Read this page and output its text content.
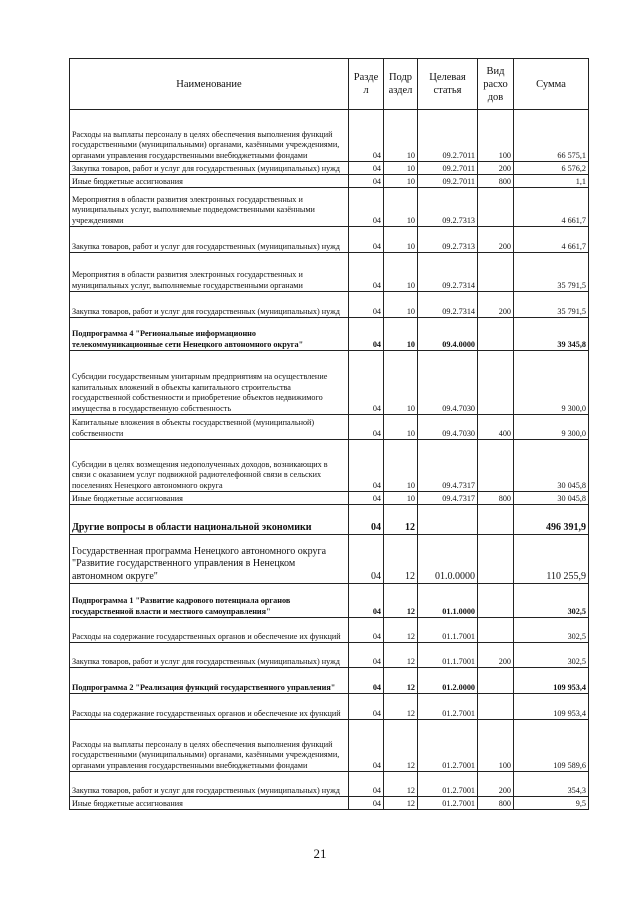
Наименование	Разде л	Подр аздел	Целевая статья	Вид расхо дов	Сумма
Расходы на выплаты персоналу в целях обеспечения выполнения функций государственными (муниципальными) органами, казёнными учреждениями, органами управления государственными внебюджетными фондами	04	10	09.2.7011	100	66 575,1
Закупка товаров, работ и услуг для государственных (муниципальных) нужд	04	10	09.2.7011	200	6 576,2
Иные бюджетные ассигнования	04	10	09.2.7011	800	1,1
Мероприятия в области развития электронных государственных и муниципальных услуг, выполняемые подведомственными казёнными учреждениями	04	10	09.2.7313		4 661,7
Закупка товаров, работ и услуг для государственных (муниципальных) нужд	04	10	09.2.7313	200	4 661,7
Мероприятия в области развития электронных государственных и муниципальных услуг, выполняемые государственными органами	04	10	09.2.7314		35 791,5
Закупка товаров, работ и услуг для государственных (муниципальных) нужд	04	10	09.2.7314	200	35 791,5
Подпрограмма 4 "Региональные информационно телекоммуникационные сети Ненецкого автономного округа"	04	10	09.4.0000		39 345,8
Субсидии государственным унитарным предприятиям на осуществление капитальных вложений в объекты капитального строительства государственной собственности и приобретение объектов недвижимого имущества в государственную собственность	04	10	09.4.7030		9 300,0
Капитальные вложения в объекты государственной (муниципальной) собственности	04	10	09.4.7030	400	9 300,0
Субсидии в целях возмещения недополученных доходов, возникающих в связи с оказанием услуг подвижной радиотелефонной связи в сельских поселениях Ненецкого автономного округа	04	10	09.4.7317		30 045,8
Иные бюджетные ассигнования	04	10	09.4.7317	800	30 045,8
Другие вопросы в области национальной экономики	04	12			496 391,9
Государственная программа Ненецкого автономного округа "Развитие государственного управления в Ненецком автономном округе"	04	12	01.0.0000		110 255,9
Подпрограмма 1 "Развитие кадрового потенциала органов государственной власти и местного самоуправления"	04	12	01.1.0000		302,5
Расходы на содержание государственных органов и обеспечение их функций	04	12	01.1.7001		302,5
Закупка товаров, работ и услуг для государственных (муниципальных) нужд	04	12	01.1.7001	200	302,5
Подпрограмма 2 "Реализация функций государственного управления"	04	12	01.2.0000		109 953,4
Расходы на содержание государственных органов и обеспечение их функций	04	12	01.2.7001		109 953,4
Расходы на выплаты персоналу в целях обеспечения выполнения функций государственными (муниципальными) органами, казёнными учреждениями, органами управления государственными внебюджетными фондами	04	12	01.2.7001	100	109 589,6
Закупка товаров, работ и услуг для государственных (муниципальных) нужд	04	12	01.2.7001	200	354,3
Иные бюджетные ассигнования	04	12	01.2.7001	800	9,5
21
